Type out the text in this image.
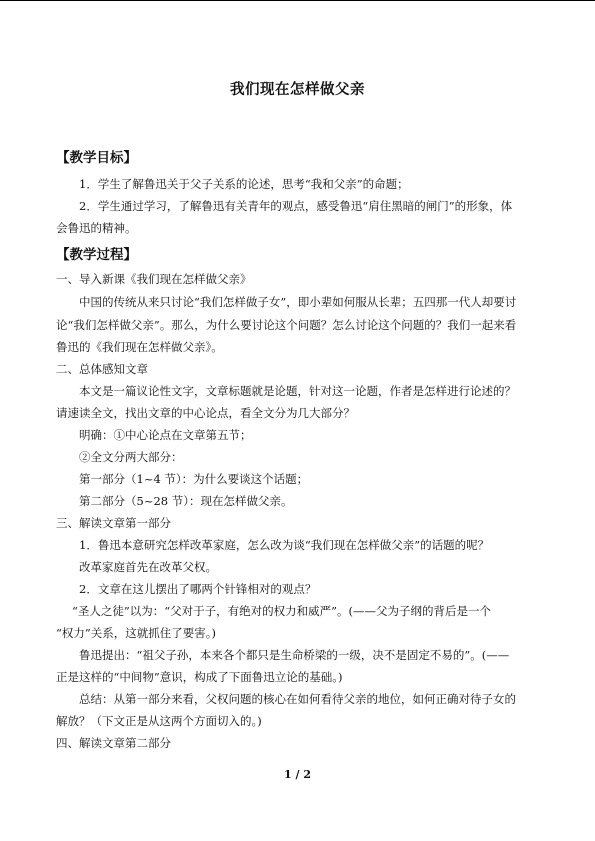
我们现在怎样做父亲
【教学目标】
1．学生了解鲁迅关于父子关系的论述，思考“我和父亲”的命题；
2．学生通过学习，了解鲁迅有关青年的观点，感受鲁迅“肩住黑暗的闸门”的形象，体
会鲁迅的精神。
【教学过程】
一、导入新课《我们现在怎样做父亲》
中国的传统从来只讨论“我们怎样做子女”，即小辈如何服从长辈；五四那一代人却要讨
论“我们怎样做父亲”。那么，为什么要讨论这个问题？怎么讨论这个问题的？我们一起来看
鲁迅的《我们现在怎样做父亲》。
二、总体感知文章
本文是一篇议论性文字，文章标题就是论题，针对这一论题，作者是怎样进行论述的？
请速读全文，找出文章的中心论点，看全文分为几大部分？
明确：①中心论点在文章第五节；
②全文分两大部分：
第一部分（1~4 节）：为什么要谈这个话题；
第二部分（5~28 节）：现在怎样做父亲。
三、解读文章第一部分
1．鲁迅本意研究怎样改革家庭，怎么改为谈“我们现在怎样做父亲”的话题的呢？
改革家庭首先在改革父权。
2．文章在这儿摆出了哪两个针锋相对的观点？
“圣人之徒”以为：“父对于子，有绝对的权力和威严”。(——父为子纲的背后是一个
“权力”关系，这就抓住了要害。)
鲁迅提出：“祖父子孙，本来各个都只是生命桥梁的一级，决不是固定不易的”。(——
正是这样的“中间物”意识，构成了下面鲁迅立论的基础。)
总结：从第一部分来看，父权问题的核心在如何看待父亲的地位，如何正确对待子女的
解放？（下文正是从这两个方面切入的。)
四、解读文章第二部分
1 / 2
